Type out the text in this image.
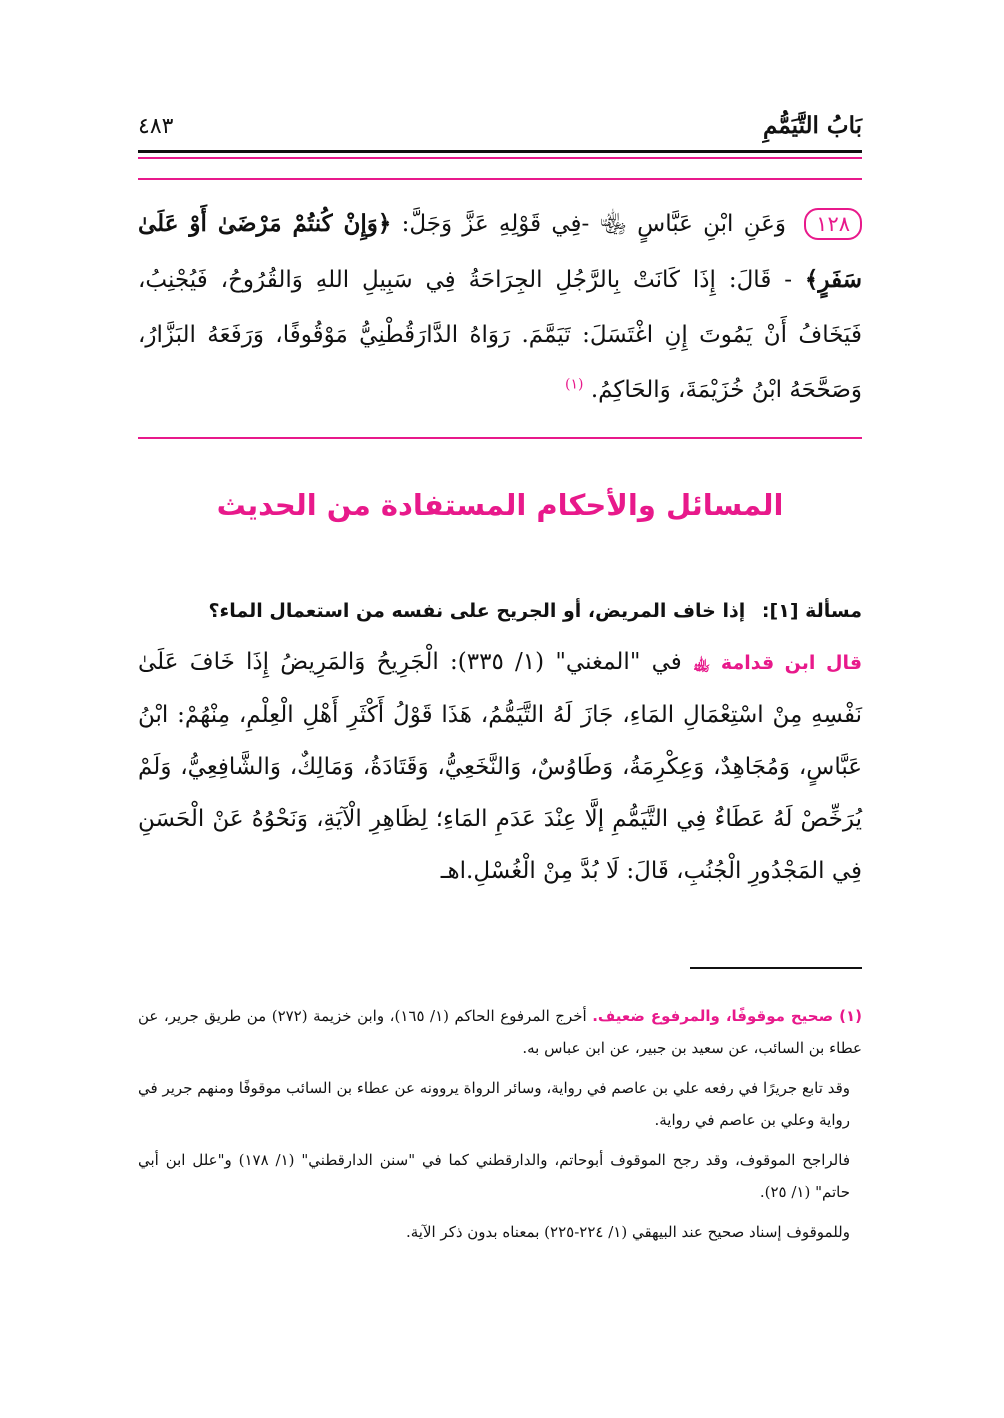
بَابُ التَّيَمُّمِ
٤٨٣
١٢٨ وَعَنِ ابْنِ عَبَّاسٍ ﵄ -فِي قَوْلِهِ عَزَّ وَجَلَّ: ﴿وَإِنْ كُنتُمْ مَرْضَىٰ أَوْ عَلَىٰ سَفَرٍ﴾ - قَالَ: إِذَا كَانَتْ بِالرَّجُلِ الجِرَاحَةُ فِي سَبِيلِ اللهِ وَالقُرُوحُ، فَيُجْنِبُ، فَيَخَافُ أَنْ يَمُوتَ إِنِ اغْتَسَلَ: تَيَمَّمَ. رَوَاهُ الدَّارَقُطْنِيُّ مَوْقُوفًا، وَرَفَعَهُ البَزَّارُ، وَصَحَّحَهُ ابْنُ خُزَيْمَةَ، وَالحَاكِمُ. $^{(١)}$
المسائل والأحكام المستفادة من الحديث
مسألة [١]: إذا خاف المريض، أو الجريح على نفسه من استعمال الماء؟
قال ابن قدامة ﵀ في "المغني" (١/ ٣٣٥): الْجَرِيحُ وَالمَرِيضُ إِذَا خَافَ عَلَىٰ نَفْسِهِ مِنْ اسْتِعْمَالِ المَاءِ، جَازَ لَهُ التَّيَمُّمُ، هَذَا قَوْلُ أَكْثَرِ أَهْلِ الْعِلْمِ، مِنْهُمْ: ابْنُ عَبَّاسٍ، وَمُجَاهِدٌ، وَعِكْرِمَةُ، وَطَاوُسٌ، وَالنَّخَعِيُّ، وَقَتَادَةُ، وَمَالِكٌ، وَالشَّافِعِيُّ، وَلَمْ يُرَخِّصْ لَهُ عَطَاءٌ فِي التَّيَمُّمِ إلَّا عِنْدَ عَدَمِ المَاءِ؛ لِظَاهِرِ الْآيَةِ، وَنَحْوُهُ عَنْ الْحَسَنِ فِي المَجْدُورِ الْجُنُبِ، قَالَ: لَا بُدَّ مِنْ الْغُسْلِ.اهـ

(١) صحيح موقوفًا، والمرفوع ضعيف. أخرج المرفوع الحاكم (١/ ١٦٥)، وابن خزيمة (٢٧٢) من طريق جرير، عن عطاء بن السائب، عن سعيد بن جبير، عن ابن عباس به.

وقد تابع جريرًا في رفعه علي بن عاصم في رواية، وسائر الرواة يروونه عن عطاء بن السائب موقوفًا ومنهم جرير في رواية وعلي بن عاصم في رواية.

فالراجح الموقوف، وقد رجح الموقوف أبوحاتم، والدارقطني كما في "سنن الدارقطني" (١/ ١٧٨) و"علل ابن أبي حاتم" (١/ ٢٥).

وللموقوف إسناد صحيح عند البيهقي (١/ ٢٢٤-٢٢٥) بمعناه بدون ذكر الآية.
